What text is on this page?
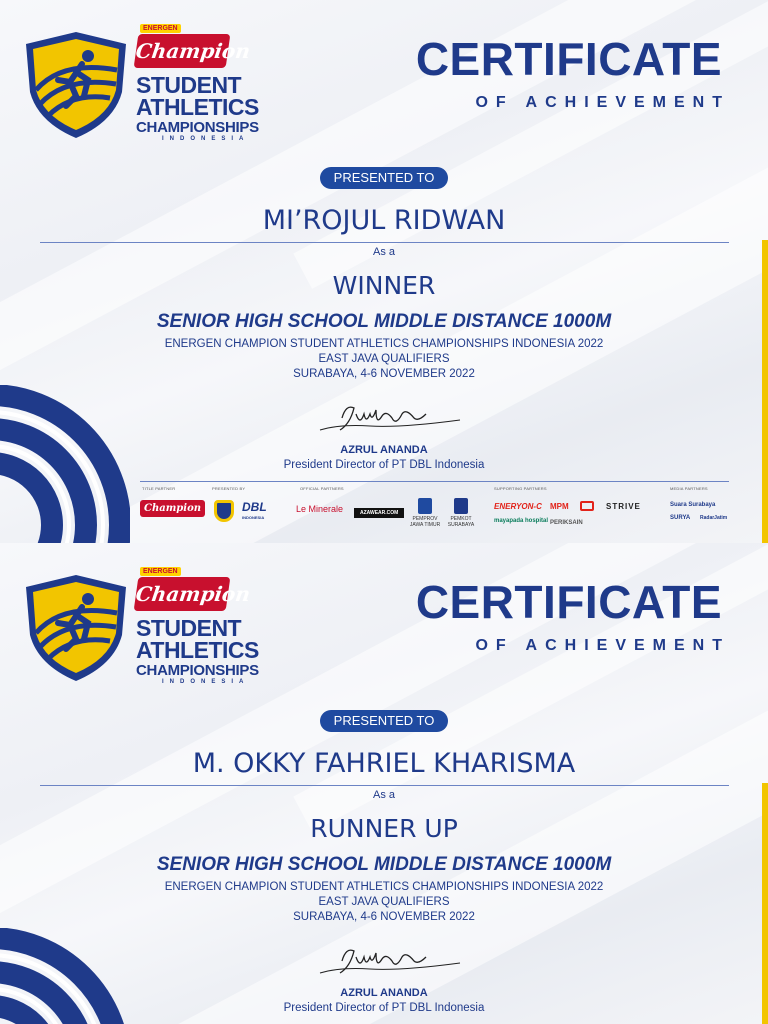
ENERGEN
Champion
STUDENT
ATHLETICS
CHAMPIONSHIPS
INDONESIA
CERTIFICATE
OF ACHIEVEMENT
PRESENTED TO
MI’ROJUL RIDWAN
As a
WINNER
SENIOR HIGH SCHOOL MIDDLE DISTANCE 1000M
ENERGEN CHAMPION STUDENT ATHLETICS CHAMPIONSHIPS INDONESIA 2022
EAST JAVA QUALIFIERS
SURABAYA, 4-6 NOVEMBER 2022
AZRUL ANANDA
President Director of PT DBL Indonesia
TITLE PARTNER	PRESENTED BY	OFFICIAL PARTNERS	SUPPORTING PARTNERS	MEDIA PARTNERS
Champion	DBL
INDONESIA
Le Minerale	AZAWEAR.COM
PEMPROV JAWA TIMUR
PEMKOT SURABAYA
ENERYON-C MPM	STRIVE
mayapada hospital PERIKSAIN
Suara Surabaya
SURYA RadarJatim
ENERGEN
Champion
STUDENT
ATHLETICS
CHAMPIONSHIPS
INDONESIA
CERTIFICATE
OF ACHIEVEMENT
PRESENTED TO
M. OKKY FAHRIEL KHARISMA
As a
RUNNER UP
SENIOR HIGH SCHOOL MIDDLE DISTANCE 1000M
ENERGEN CHAMPION STUDENT ATHLETICS CHAMPIONSHIPS INDONESIA 2022
EAST JAVA QUALIFIERS
SURABAYA, 4-6 NOVEMBER 2022
AZRUL ANANDA
President Director of PT DBL Indonesia
